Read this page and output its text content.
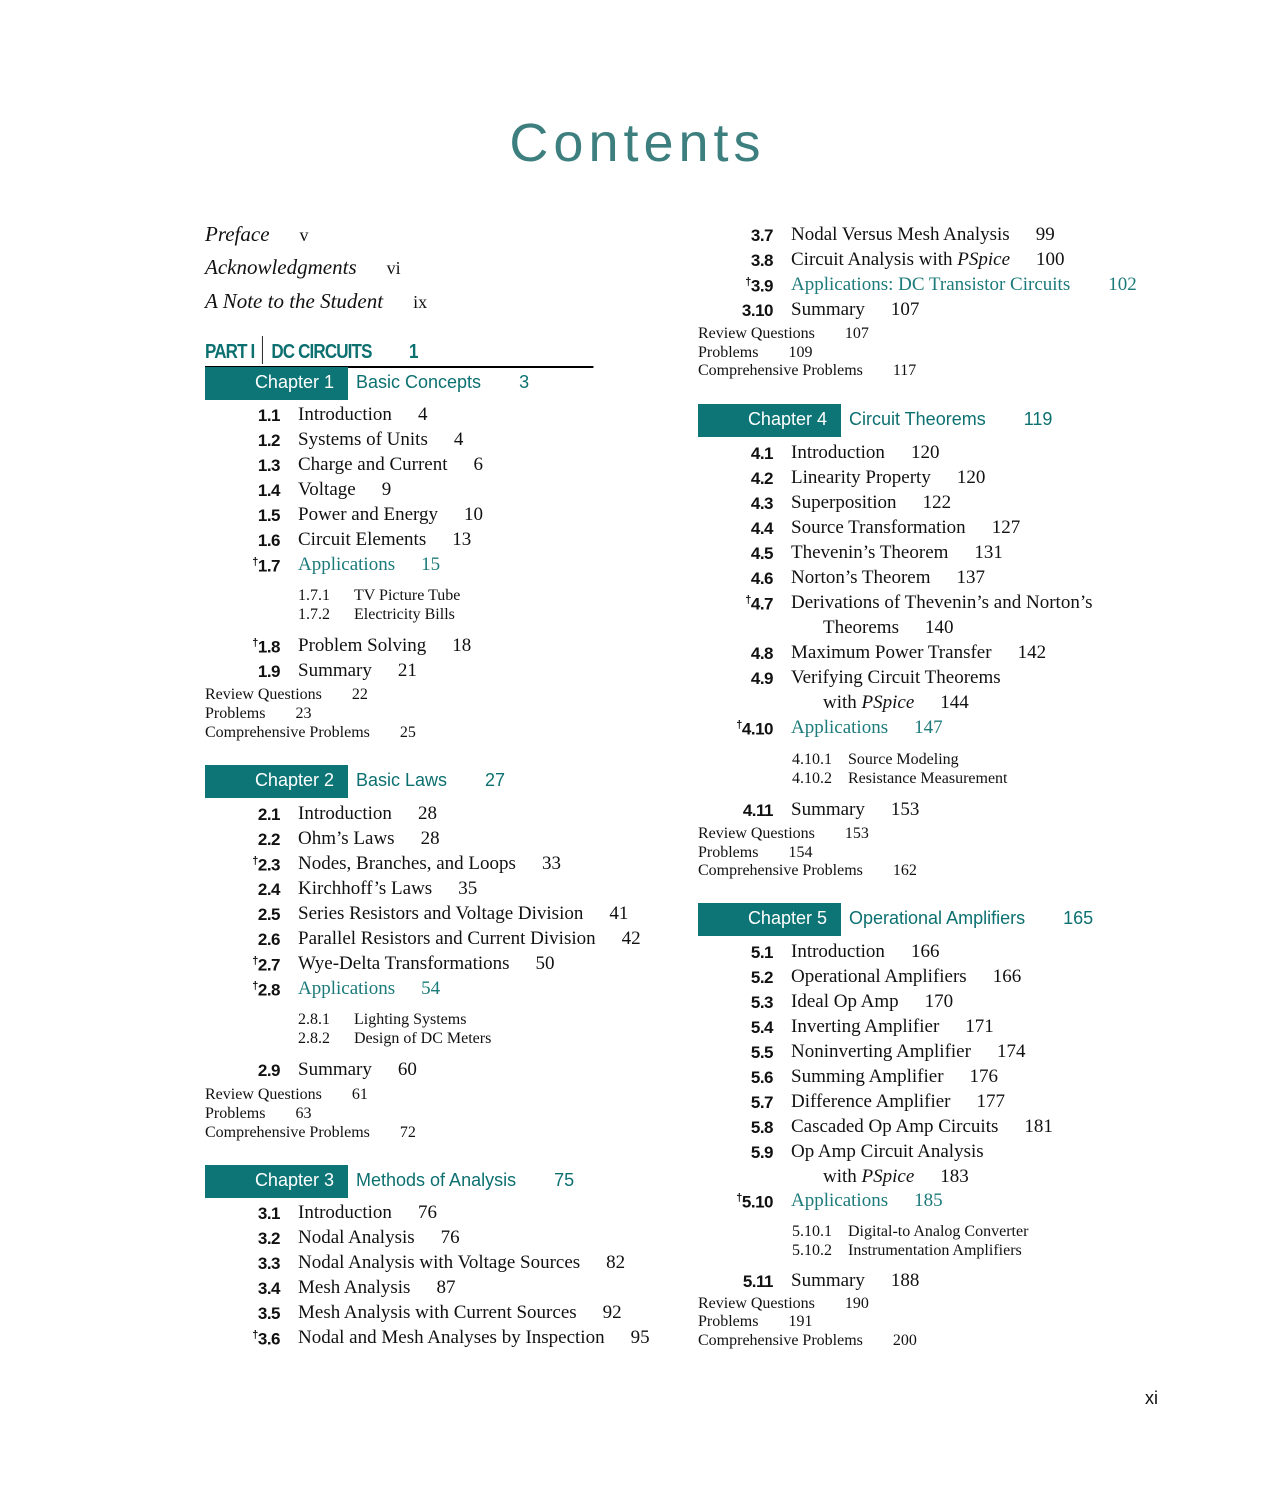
Contents
Preface v
Acknowledgments vi
A Note to the Student ix
PART I DC CIRCUITS 1
Chapter 1 Basic Concepts 3
1.1 Introduction 4
1.2 Systems of Units 4
1.3 Charge and Current 6
1.4 Voltage 9
1.5 Power and Energy 10
1.6 Circuit Elements 13
†1.7 Applications 15
1.7.1 TV Picture Tube
1.7.2 Electricity Bills
†1.8 Problem Solving 18
1.9 Summary 21
Review Questions 22
Problems 23
Comprehensive Problems 25
Chapter 2 Basic Laws 27
2.1 Introduction 28
2.2 Ohm’s Laws 28
†2.3 Nodes, Branches, and Loops 33
2.4 Kirchhoff’s Laws 35
2.5 Series Resistors and Voltage Division 41
2.6 Parallel Resistors and Current Division 42
†2.7 Wye-Delta Transformations 50
†2.8 Applications 54
2.8.1 Lighting Systems
2.8.2 Design of DC Meters
2.9 Summary 60
Review Questions 61
Problems 63
Comprehensive Problems 72
Chapter 3 Methods of Analysis 75
3.1 Introduction 76
3.2 Nodal Analysis 76
3.3 Nodal Analysis with Voltage Sources 82
3.4 Mesh Analysis 87
3.5 Mesh Analysis with Current Sources 92
†3.6 Nodal and Mesh Analyses by Inspection 95
3.7 Nodal Versus Mesh Analysis 99
3.8 Circuit Analysis with PSpice 100
†3.9 Applications: DC Transistor Circuits 102
3.10 Summary 107
Review Questions 107
Problems 109
Comprehensive Problems 117
Chapter 4 Circuit Theorems 119
4.1 Introduction 120
4.2 Linearity Property 120
4.3 Superposition 122
4.4 Source Transformation 127
4.5 Thevenin’s Theorem 131
4.6 Norton’s Theorem 137
†4.7 Derivations of Thevenin’s and Norton’s
Theorems 140
4.8 Maximum Power Transfer 142
4.9 Verifying Circuit Theorems
with PSpice 144
†4.10 Applications 147
4.10.1 Source Modeling
4.10.2 Resistance Measurement
4.11 Summary 153
Review Questions 153
Problems 154
Comprehensive Problems 162
Chapter 5 Operational Amplifiers 165
5.1 Introduction 166
5.2 Operational Amplifiers 166
5.3 Ideal Op Amp 170
5.4 Inverting Amplifier 171
5.5 Noninverting Amplifier 174
5.6 Summing Amplifier 176
5.7 Difference Amplifier 177
5.8 Cascaded Op Amp Circuits 181
5.9 Op Amp Circuit Analysis
with PSpice 183
†5.10 Applications 185
5.10.1 Digital-to Analog Converter
5.10.2 Instrumentation Amplifiers
5.11 Summary 188
Review Questions 190
Problems 191
Comprehensive Problems 200
xi
